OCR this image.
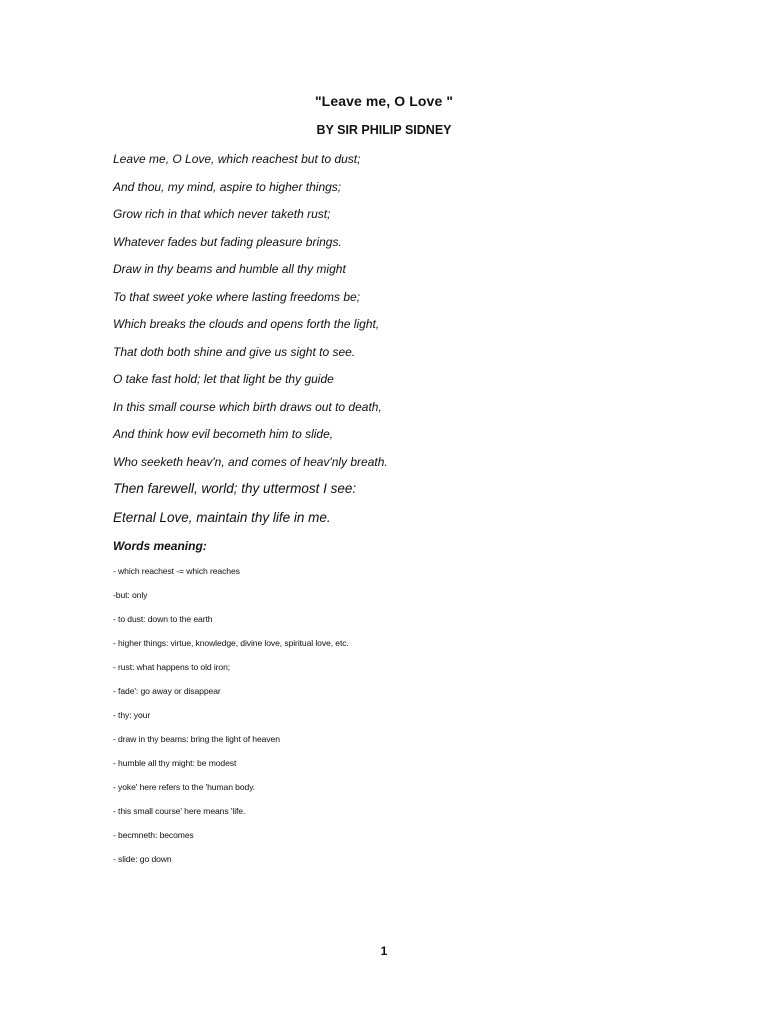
"Leave me, O Love "
BY SIR PHILIP SIDNEY
Leave me, O Love, which reachest but to dust;
And thou, my mind, aspire to higher things;
Grow rich in that which never taketh rust;
Whatever fades but fading pleasure brings.
Draw in thy beams and humble all thy might
To that sweet yoke where lasting freedoms be;
Which breaks the clouds and opens forth the light,
That doth both shine and give us sight to see.
O take fast hold; let that light be thy guide
In this small course which birth draws out to death,
And think how evil becometh him to slide,
Who seeketh heav'n, and comes of heav'nly breath.
Then farewell, world; thy uttermost I see:
Eternal Love, maintain thy life in me.
Words meaning:
- which reachest -= which reaches
-but: only
- to dust: down to the earth
- higher things: virtue, knowledge, divine love, spiritual love, etc.
- rust: what happens to old iron;
- fade': go away or disappear
- thy: your
- draw in thy beams: bring the light of heaven
- humble all thy might: be modest
- yoke' here refers to the 'human body.
- this small course' here means 'life.
- becmneth: becomes
- slide: go down
1
